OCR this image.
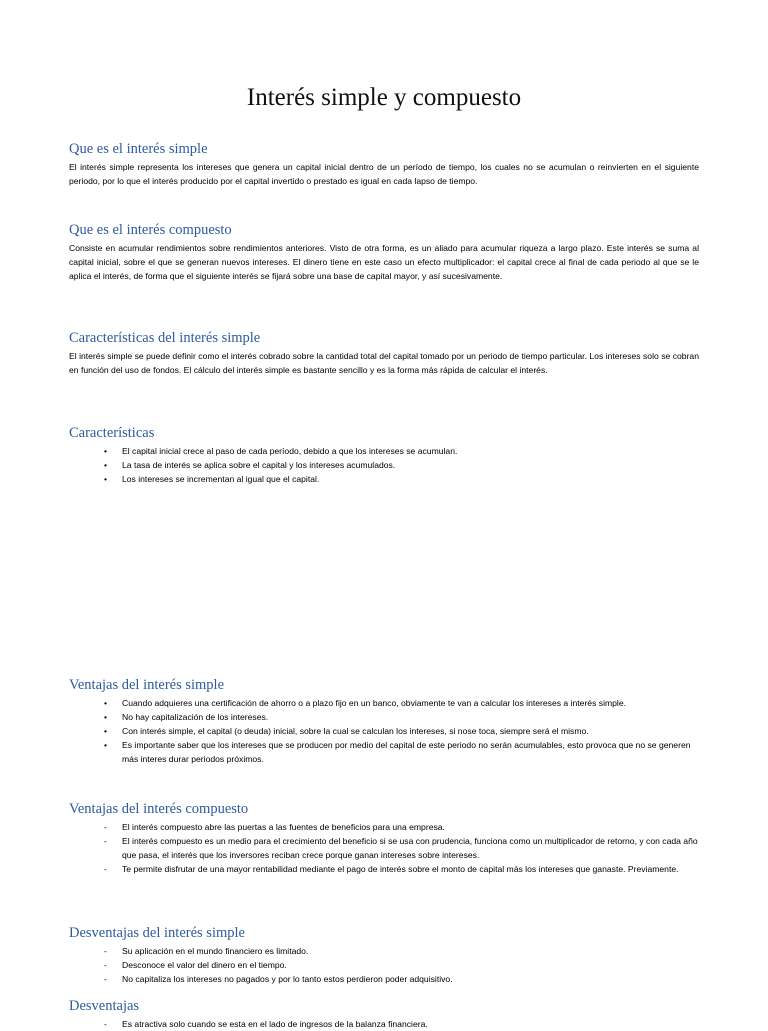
Interés simple y compuesto
Que es el interés simple

El interés simple representa los intereses que genera un capital inicial dentro de un período de tiempo, los cuales no se acumulan o reinvierten en el siguiente periodo, por lo que el interés producido por el capital invertido o prestado es igual en cada lapso de tiempo.

Que es el interés compuesto

Consiste en acumular rendimientos sobre rendimientos anteriores. Visto de otra forma, es un aliado para acumular riqueza a largo plazo. Este interés se suma al capital inicial, sobre el que se generan nuevos intereses. El dinero tiene en este caso un efecto multiplicador: el capital crece al final de cada periodo al que se le aplica el interés, de forma que el siguiente interés se fijará sobre una base de capital mayor, y así sucesivamente.

Características del interés simple

El interés simple se puede definir como el interés cobrado sobre la cantidad total del capital tomado por un periodo de tiempo particular. Los intereses solo se cobran en función del uso de fondos. El cálculo del interés simple es bastante sencillo y es la forma más rápida de calcular el interés.

Características
• El capital inicial crece al paso de cada período, debido a que los intereses se acumulan.
• La tasa de interés se aplica sobre el capital y los intereses acumulados.
• Los intereses se incrementan al igual que el capital.
Ventajas del interés simple
• Cuando adquieres una certificación de ahorro o a plazo fijo en un banco, obviamente te van a calcular los intereses a interés simple.
• No hay capitalización de los intereses.
• Con interés simple, el capital (o deuda) inicial, sobre la cual se calculan los intereses, si nose toca, siempre será el mismo.
• Es importante saber que los intereses que se producen por medio del capital de este periodo no serán acumulables, esto provoca que no se generen más interes durar periodos próximos.
Ventajas del interés compuesto
- El interés compuesto abre las puertas a las fuentes de beneficios para una empresa.
- El interés compuesto es un medio para el crecimiento del beneficio si se usa con prudencia, funciona como un multiplicador de retorno, y con cada año que pasa, el interés que los inversores reciban crece porque ganan intereses sobre intereses.
- Te permite disfrutar de una mayor rentabilidad mediante el pago de interés sobre el monto de capital más los intereses que ganaste. Previamente.
Desventajas del interés simple
- Su aplicación en el mundo financiero es limitado.
- Desconoce el valor del dinero en el tiempo.
- No capitaliza los intereses no pagados y por lo tanto estos perdieron poder adquisitivo.
Desventajas
- Es atractiva solo cuando se esta en el lado de ingresos de la balanza financiera.
